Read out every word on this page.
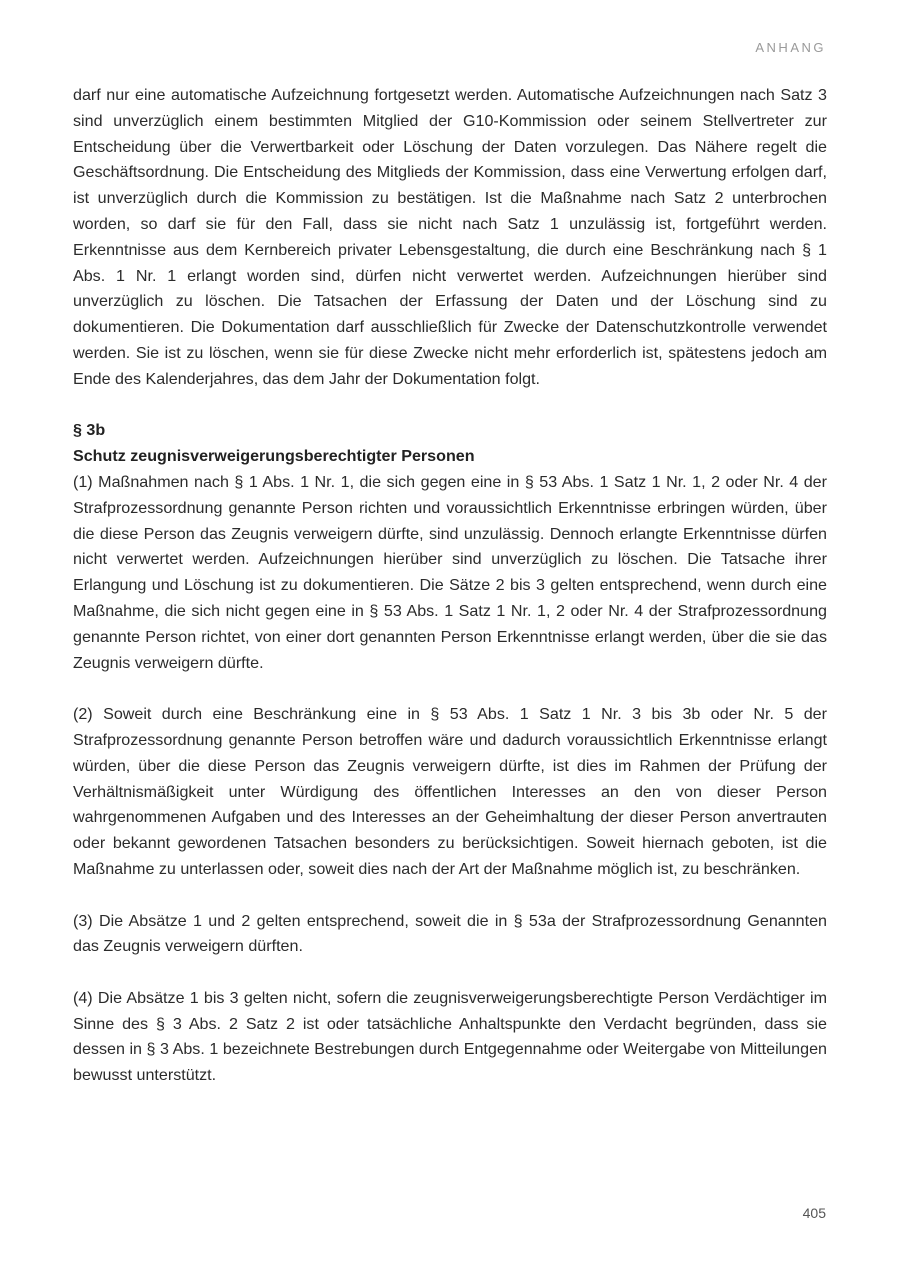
ANHANG

darf nur eine automatische Aufzeichnung fortgesetzt werden. Automatische Aufzeichnungen nach Satz 3 sind unverzüglich einem bestimmten Mitglied der G10-Kommission oder seinem Stellvertreter zur Entscheidung über die Verwertbarkeit oder Löschung der Daten vorzulegen. Das Nähere regelt die Geschäftsordnung. Die Entscheidung des Mitglieds der Kommission, dass eine Verwertung erfolgen darf, ist unverzüglich durch die Kommission zu bestätigen. Ist die Maßnahme nach Satz 2 unterbrochen worden, so darf sie für den Fall, dass sie nicht nach Satz 1 unzulässig ist, fortgeführt werden. Erkenntnisse aus dem Kernbereich privater Lebensgestaltung, die durch eine Beschränkung nach § 1 Abs. 1 Nr. 1 erlangt worden sind, dürfen nicht verwertet werden. Aufzeichnungen hierüber sind unverzüglich zu löschen. Die Tatsachen der Erfassung der Daten und der Löschung sind zu dokumentieren. Die Dokumentation darf ausschließlich für Zwecke der Datenschutzkontrolle verwendet werden. Sie ist zu löschen, wenn sie für diese Zwecke nicht mehr erforderlich ist, spätestens jedoch am Ende des Kalenderjahres, das dem Jahr der Dokumentation folgt.

§ 3b

Schutz zeugnisverweigerungsberechtigter Personen

(1) Maßnahmen nach § 1 Abs. 1 Nr. 1, die sich gegen eine in § 53 Abs. 1 Satz 1 Nr. 1, 2 oder Nr. 4 der Strafprozessordnung genannte Person richten und voraussichtlich Erkenntnisse erbringen würden, über die diese Person das Zeugnis verweigern dürfte, sind unzulässig. Dennoch erlangte Erkenntnisse dürfen nicht verwertet werden. Aufzeichnungen hierüber sind unverzüglich zu löschen. Die Tatsache ihrer Erlangung und Löschung ist zu dokumentieren. Die Sätze 2 bis 3 gelten entsprechend, wenn durch eine Maßnahme, die sich nicht gegen eine in § 53 Abs. 1 Satz 1 Nr. 1, 2 oder Nr. 4 der Strafprozessordnung genannte Person richtet, von einer dort genannten Person Erkenntnisse erlangt werden, über die sie das Zeugnis verweigern dürfte.

(2) Soweit durch eine Beschränkung eine in § 53 Abs. 1 Satz 1 Nr. 3 bis 3b oder Nr. 5 der Strafprozessordnung genannte Person betroffen wäre und dadurch voraussichtlich Erkenntnisse erlangt würden, über die diese Person das Zeugnis verweigern dürfte, ist dies im Rahmen der Prüfung der Verhältnismäßigkeit unter Würdigung des öffentlichen Interesses an den von dieser Person wahrgenommenen Aufgaben und des Interesses an der Geheimhaltung der dieser Person anvertrauten oder bekannt gewordenen Tatsachen besonders zu berücksichtigen. Soweit hiernach geboten, ist die Maßnahme zu unterlassen oder, soweit dies nach der Art der Maßnahme möglich ist, zu beschränken.

(3) Die Absätze 1 und 2 gelten entsprechend, soweit die in § 53a der Strafprozessordnung Genannten das Zeugnis verweigern dürften.

(4) Die Absätze 1 bis 3 gelten nicht, sofern die zeugnisverweigerungsberechtigte Person Verdächtiger im Sinne des § 3 Abs. 2 Satz 2 ist oder tatsächliche Anhaltspunkte den Verdacht begründen, dass sie dessen in § 3 Abs. 1 bezeichnete Bestrebungen durch Entgegennahme oder Weitergabe von Mitteilungen bewusst unterstützt.

405
